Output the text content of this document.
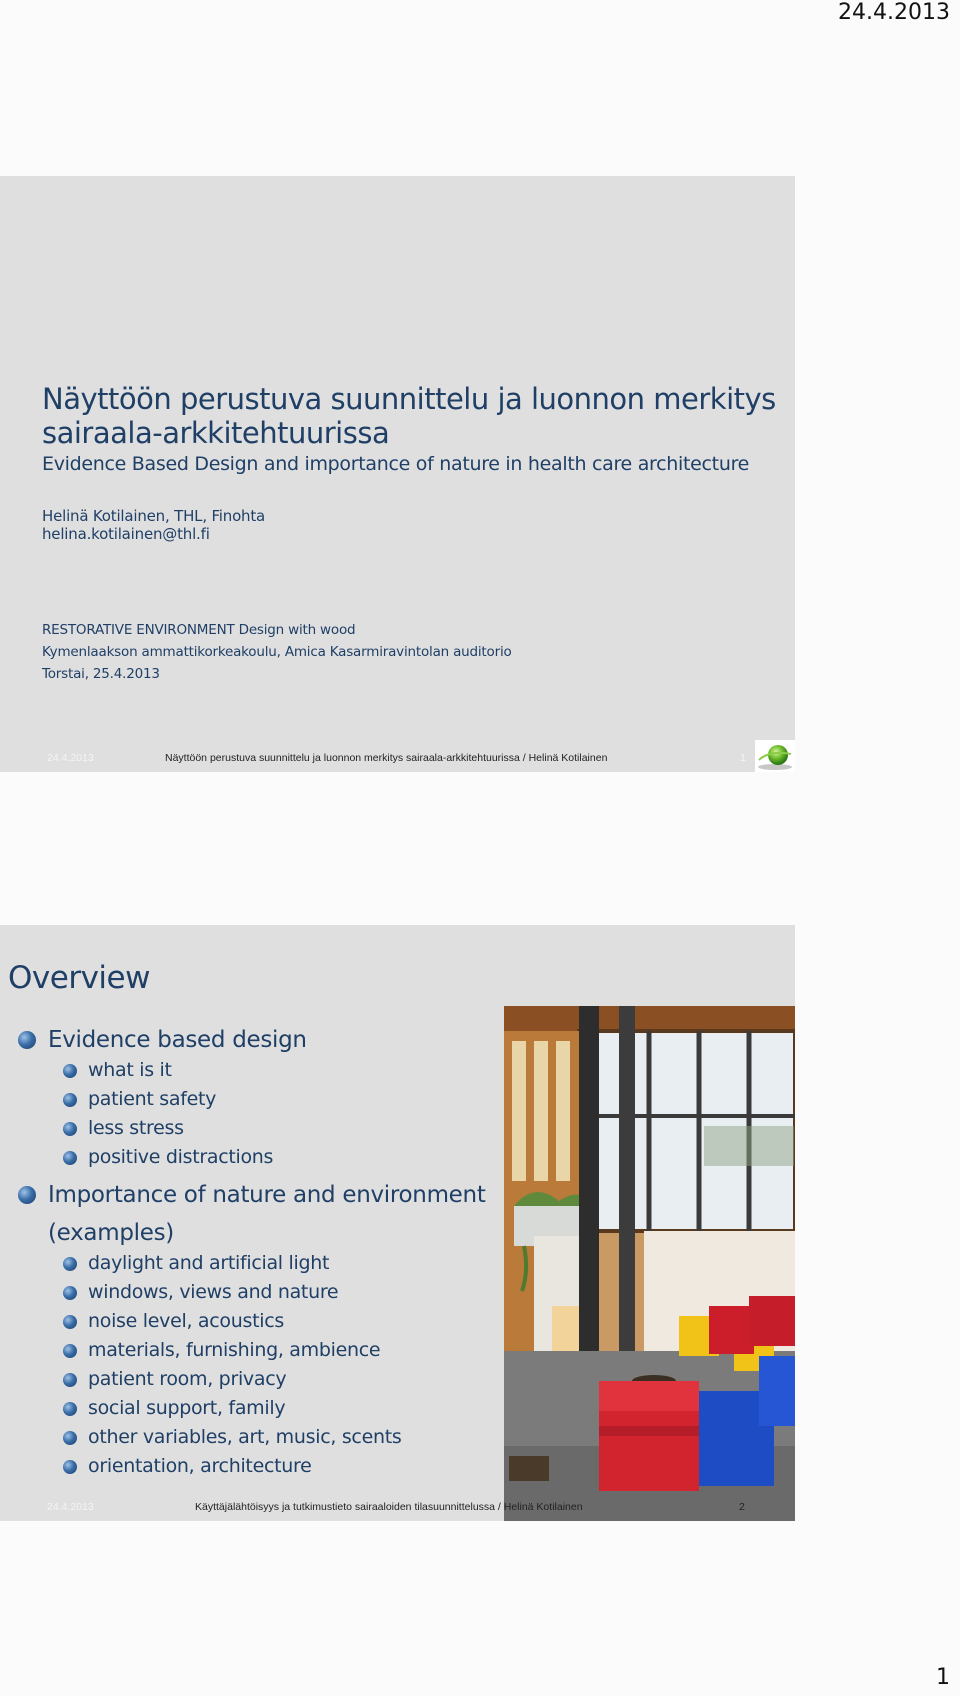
24.4.2013
Näyttöön perustuva suunnittelu ja luonnon merkitys sairaala-arkkitehtuurissa
Evidence Based Design and importance of nature in health care architecture
Helinä Kotilainen, THL, Finohta
helina.kotilainen@thl.fi
RESTORATIVE ENVIRONMENT Design with wood
Kymenlaakson ammattikorkeakoulu, Amica Kasarmiravintolan auditorio
Torstai, 25.4.2013
24.4.2013	Näyttöön perustuva suunnittelu ja luonnon merkitys sairaala-arkkitehtuurissa / Helinä Kotilainen	1
Overview
Evidence based design
what is it
patient safety
less stress
positive distractions
Importance of nature and environment
(examples)
daylight and artificial light
windows, views and nature
noise level, acoustics
materials, furnishing, ambience
patient room, privacy
social support, family
other variables, art, music, scents
orientation, architecture
24.4.2013	Käyttäjälähtöisyys ja tutkimustieto sairaaloiden tilasuunnittelussa / Helinä Kotilainen	2
1
